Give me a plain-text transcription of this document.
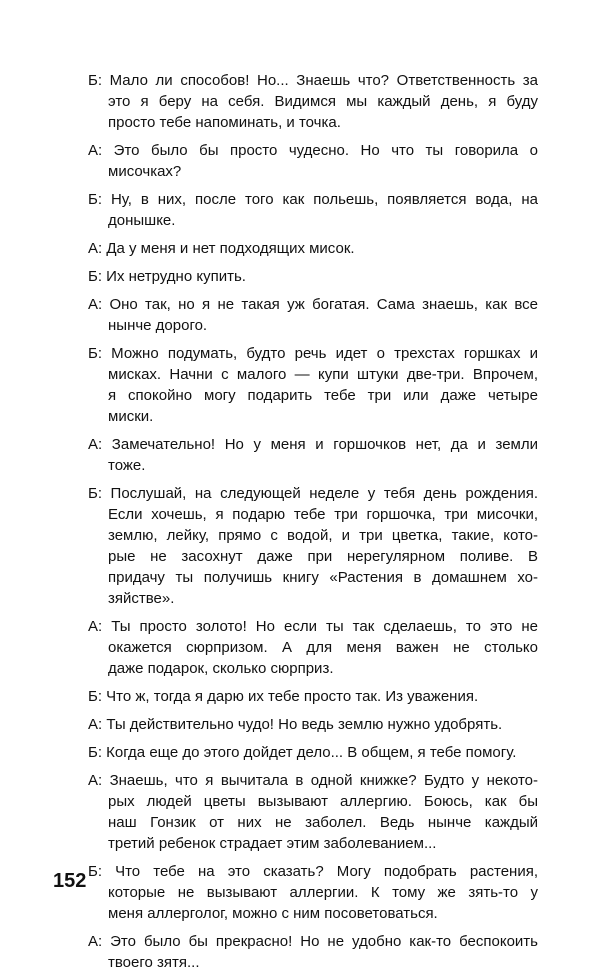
Б: Мало ли способов! Но... Знаешь что? Ответственность за
это я беру на себя. Видимся мы каждый день, я буду
просто тебе напоминать, и точка.
А: Это было бы просто чудесно. Но что ты говорила о
мисочках?
Б: Ну, в них, после того как польешь, появляется вода, на
донышке.
А: Да у меня и нет подходящих мисок.
Б: Их нетрудно купить.
А: Оно так, но я не такая уж богатая. Сама знаешь, как все
нынче дорого.
Б: Можно подумать, будто речь идет о трехстах горшках и
мисках. Начни с малого — купи штуки две-три. Впрочем,
я спокойно могу подарить тебе три или даже четыре
миски.
А: Замечательно! Но у меня и горшочков нет, да и земли
тоже.
Б: Послушай, на следующей неделе у тебя день рождения.
Если хочешь, я подарю тебе три горшочка, три мисочки,
землю, лейку, прямо с водой, и три цветка, такие, кото-
рые не засохнут даже при нерегулярном поливе. В
придачу ты получишь книгу «Растения в домашнем хо-
зяйстве».
А: Ты просто золото! Но если ты так сделаешь, то это не
окажется сюрпризом. А для меня важен не столько
даже подарок, сколько сюрприз.
Б: Что ж, тогда я дарю их тебе просто так. Из уважения.
А: Ты действительно чудо! Но ведь землю нужно удобрять.
Б: Когда еще до этого дойдет дело... В общем, я тебе помогу.
А: Знаешь, что я вычитала в одной книжке? Будто у некото-
рых людей цветы вызывают аллергию. Боюсь, как бы
наш Гонзик от них не заболел. Ведь нынче каждый
третий ребенок страдает этим заболеванием...
Б: Что тебе на это сказать? Могу подобрать растения,
которые не вызывают аллергии. К тому же зять-то у
меня аллерголог, можно с ним посоветоваться.
А: Это было бы прекрасно! Но не удобно как-то беспокоить
твоего зятя...
152
